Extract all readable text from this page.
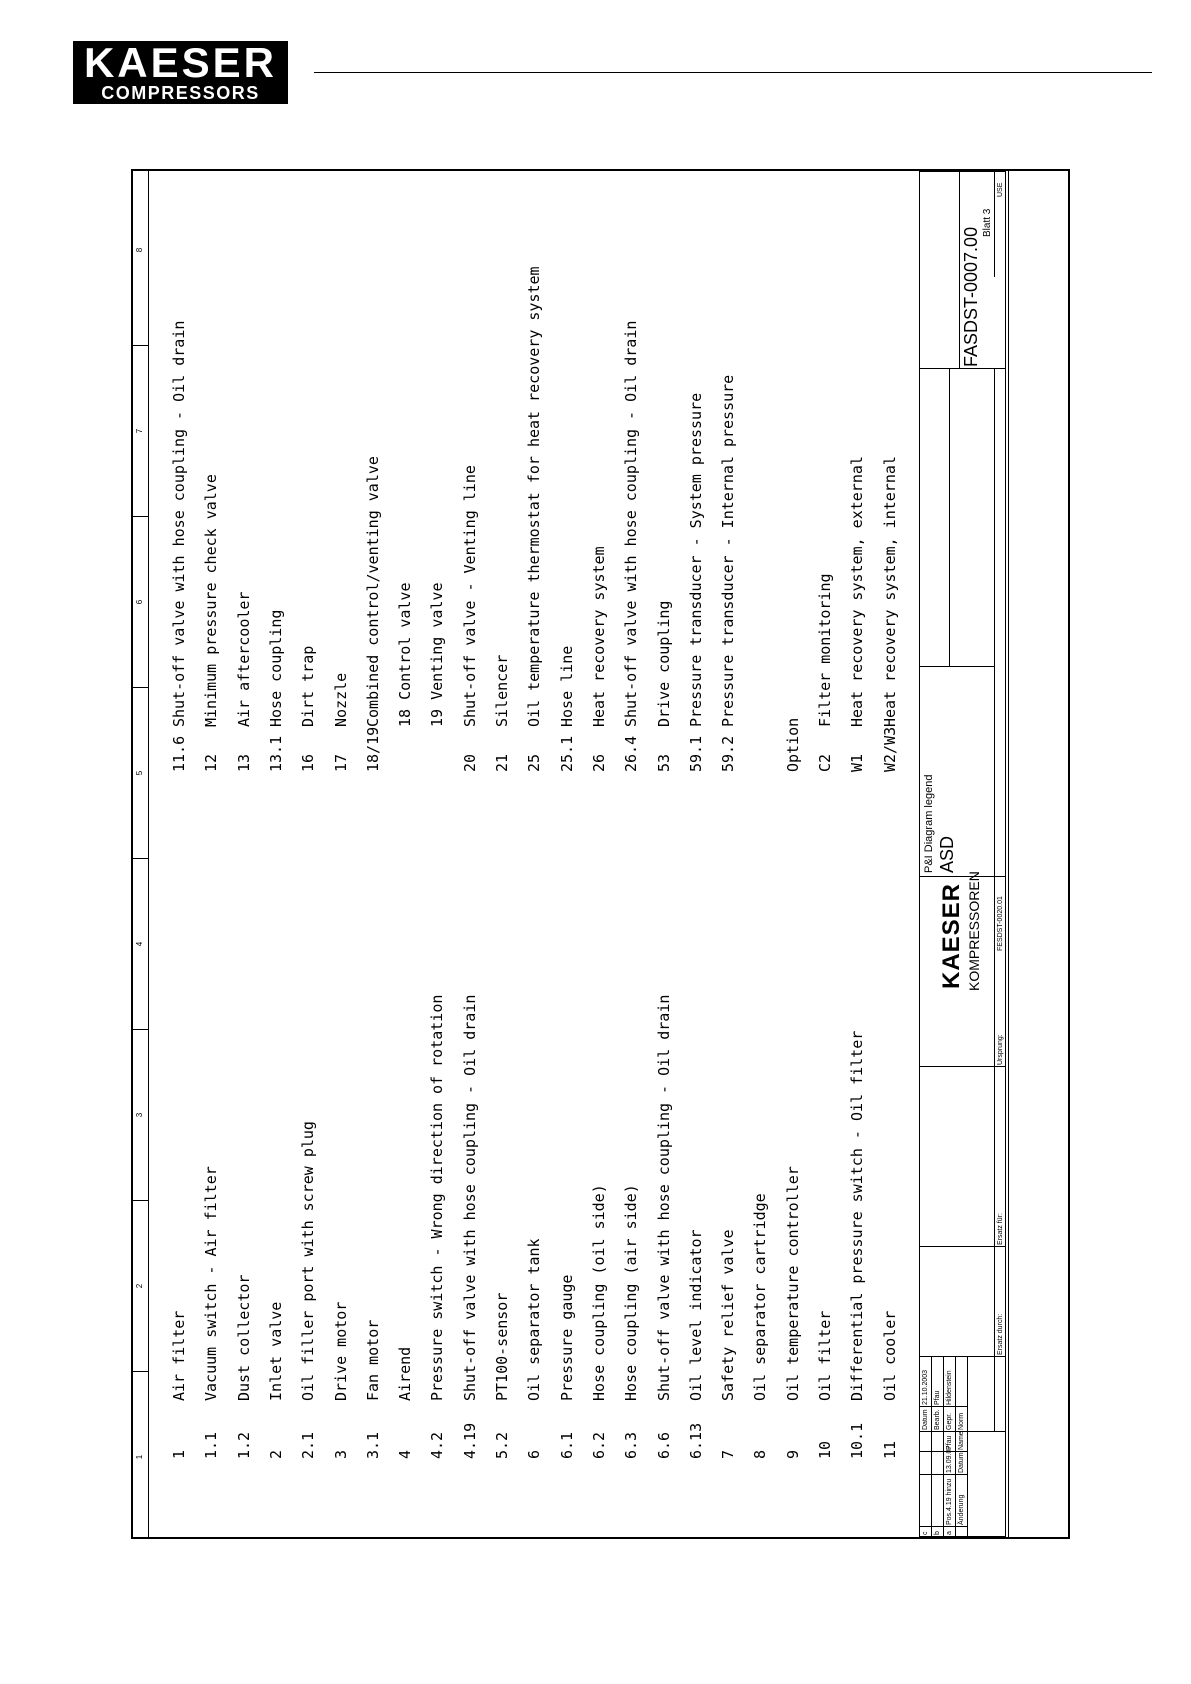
KAESER
COMPRESSORS
8
7
6
5
4
3
2
1 1
Air filter
1.1
Vacuum switch - Air filter
1.2
Dust collector
2
Inlet valve
2.1
Oil filler port with screw plug
3
Drive motor
3.1
Fan motor
4
Airend
4.2
Pressure switch - Wrong direction of rotation
4.19
Shut-off valve with hose coupling - Oil drain
5.2
PT100-sensor
6
Oil separator tank
6.1
Pressure gauge
6.2
Hose coupling (oil side)
6.3
Hose coupling (air side)
6.6
Shut-off valve with hose coupling - Oil drain
6.13
Oil level indicator
7
Safety relief valve
8
Oil separator cartridge
9
Oil temperature controller
10
Oil filter
10.1
Differential pressure switch - Oil filter
11
Oil cooler
11.6
Shut-off valve with hose coupling - Oil drain
12
Minimum pressure check valve
13
Air aftercooler
13.1
Hose coupling
16
Dirt trap
17
Nozzle
18/19
Combined control/venting valve 18 Control valve 19 Venting valve
20
Shut-off valve - Venting line
21
Silencer
25
Oil temperature thermostat for heat recovery system
25.1
Hose line
26
Heat recovery system
26.4
Shut-off valve with hose coupling - Oil drain
53
Drive coupling
59.1
Pressure transducer - System pressure
59.2
Pressure transducer - Internal pressure
Option C2
Filter monitoring
W1
Heat recovery system, external
W2/W3
Heat recovery system, internal
c b a
Pos.4.19 hinzu
13.09.07
Pfau
Änderung
Datum
Name
Datum
21.10.2003
Bearb.
Pfau
Gepr.
Hildenstein
Norm
Ersatz durch:
Ersatz für:
Ursprung:
FESDST-0020.01
KAESER KOMPRESSOREN
P&I Diagram legend ASD
FASDST-0007.00
Blatt 3
USE
